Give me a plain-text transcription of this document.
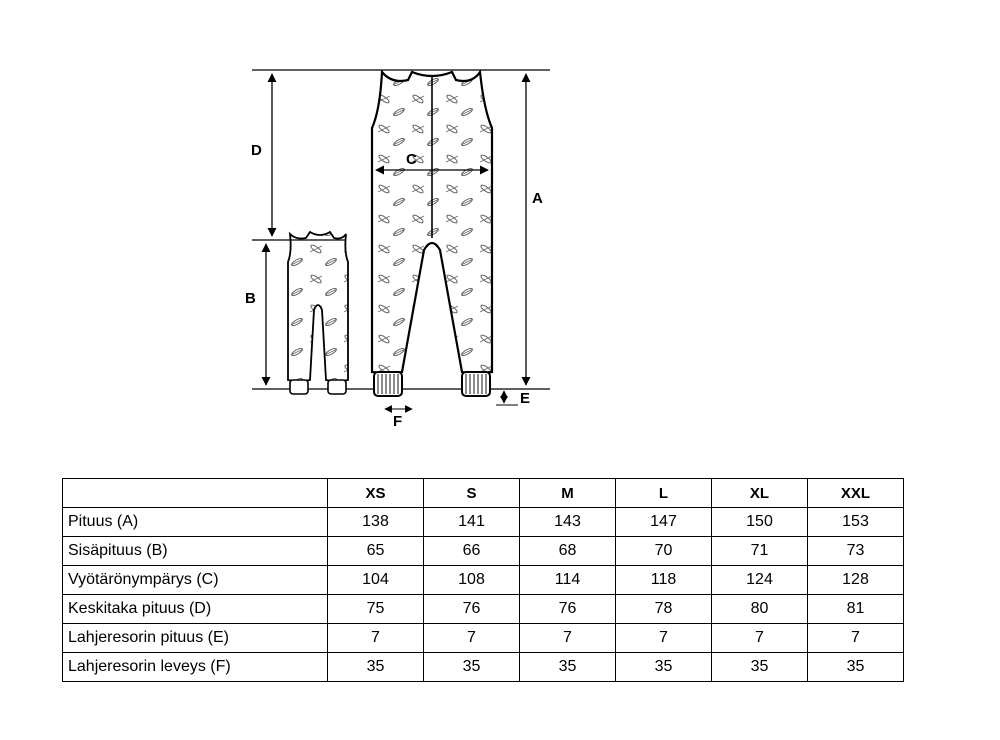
D
B
A
C
E
F
	XS	S	M	L	XL	XXL
Pituus (A)	138	141	143	147	150	153
Sisäpituus (B)	65	66	68	70	71	73
Vyötärönympärys (C)	104	108	114	118	124	128
Keskitaka pituus (D)	75	76	76	78	80	81
Lahjeresorin pituus (E)	7	7	7	7	7	7
Lahjeresorin leveys (F)	35	35	35	35	35	35
